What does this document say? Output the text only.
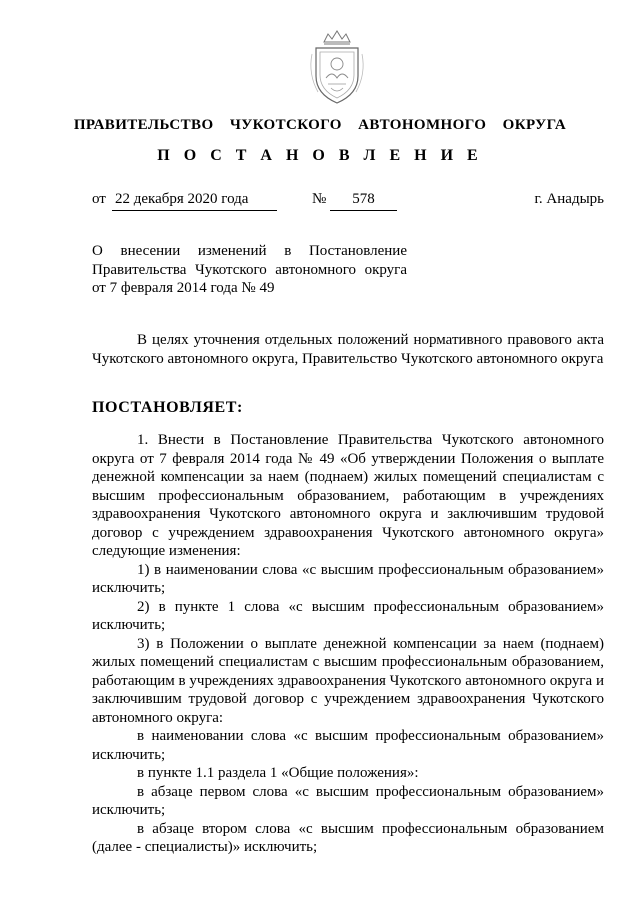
ПРАВИТЕЛЬСТВО  ЧУКОТСКОГО  АВТОНОМНОГО  ОКРУГА
П О С Т А Н О В Л Е Н И Е
от 22 декабря 2020 года	№	578	г. Анадырь
О внесении изменений в Постановление Правительства Чукотского автономного округа от 7 февраля 2014 года № 49
В целях уточнения отдельных положений нормативного правового акта Чукотского автономного округа, Правительство Чукотского автономного округа
ПОСТАНОВЛЯЕТ:

1. Внести в Постановление Правительства Чукотского автономного округа от 7 февраля 2014 года № 49 «Об утверждении Положения о выплате денежной компенсации за наем (поднаем) жилых помещений специалистам с высшим профессиональным образованием, работающим в учреждениях здравоохранения Чукотского автономного округа и заключившим трудовой договор с учреждением здравоохранения Чукотского автономного округа» следующие изменения:

1) в наименовании слова «с высшим профессиональным образованием» исключить;

2) в пункте 1 слова «с высшим профессиональным образованием» исключить;

3) в Положении о выплате денежной компенсации за наем (поднаем) жилых помещений специалистам с высшим профессиональным образованием, работающим в учреждениях здравоохранения Чукотского автономного округа и заключившим трудовой договор с учреждением здравоохранения Чукотского автономного округа:

в наименовании слова «с высшим профессиональным образованием» исключить;

в пункте 1.1 раздела 1 «Общие положения»:

в абзаце первом слова «с высшим профессиональным образованием» исключить;

в абзаце втором слова «с высшим профессиональным образованием (далее - специалисты)» исключить;
